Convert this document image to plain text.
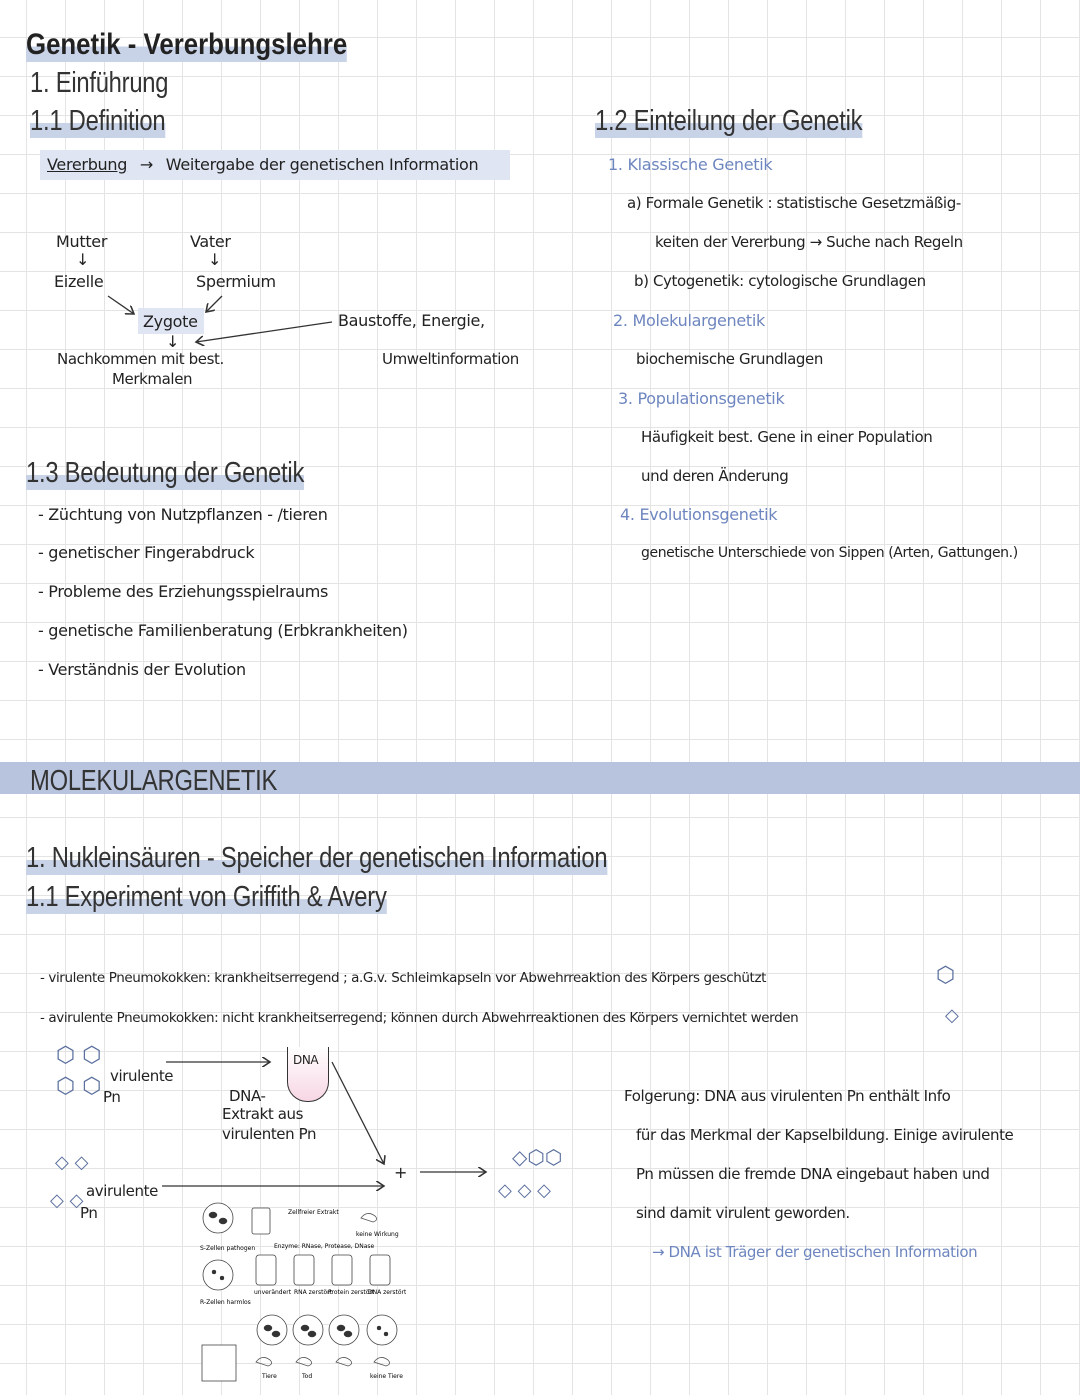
Genetik - Vererbungslehre
1. Einführung
1.1 Definition
Vererbung → Weitergabe der genetischen Information
Mutter
↓
Eizelle
Vater
↓
Spermium
Zygote
↓
Nachkommen mit best.
Merkmalen
Baustoffe, Energie,
Umweltinformation
1.2 Einteilung der Genetik
1. Klassische Genetik
a) Formale Genetik : statistische Gesetzmäßig-
keiten der Vererbung → Suche nach Regeln
b) Cytogenetik: cytologische Grundlagen
2. Molekulargenetik
biochemische Grundlagen
3. Populationsgenetik
Häufigkeit best. Gene in einer Population
und deren Änderung
4. Evolutionsgenetik
genetische Unterschiede von Sippen (Arten, Gattungen.)
1.3 Bedeutung der Genetik
- Züchtung von Nutzpflanzen - /tieren
- genetischer Fingerabdruck
- Probleme des Erziehungsspielraums
- genetische Familienberatung (Erbkrankheiten)
- Verständnis der Evolution
MOLEKULARGENETIK
1. Nukleinsäuren - Speicher der genetischen Information
1.1 Experiment von Griffith & Avery
- virulente Pneumokokken: krankheitserregend ; a.G.v. Schleimkapseln vor Abwehrreaktion des Körpers geschützt	⬡
- avirulente Pneumokokken: nicht krankheitserregend; können durch Abwehrreaktionen des Körpers vernichtet werden	◇
⬡ ⬡
⬡ ⬡ virulente
Pn
DNA
DNA-
Extrakt aus
virulenten Pn
◇ ◇
◇ ◇ avirulente
Pn
+
◇⬡⬡
◇ ◇ ◇
S-Zellen pathogen
R-Zellen harmlos
Zellfreier Extrakt
keine Wirkung
unverändert RNA zerstört
Protein zerstört
DNA zerstört
Tiere	Tod	keine Tiere
Enzyme: RNase, Protease, DNase
Folgerung: DNA aus virulenten Pn enthält Info
für das Merkmal der Kapselbildung. Einige avirulente
Pn müssen die fremde DNA eingebaut haben und
sind damit virulent geworden.
→ DNA ist Träger der genetischen Information
